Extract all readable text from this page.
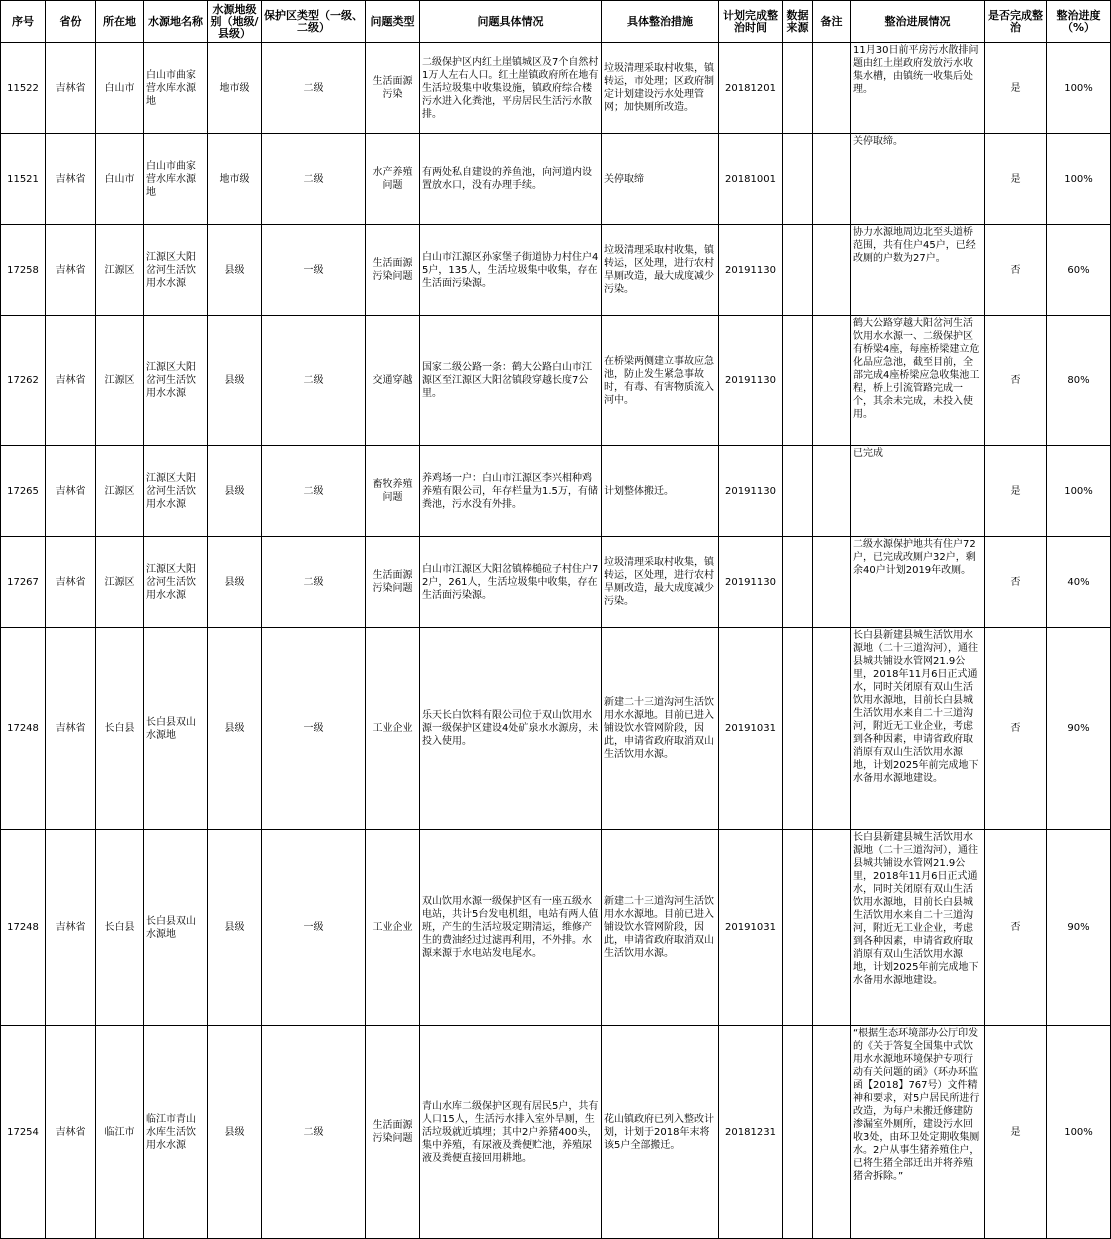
序号	省份	所在地	水源地名称	水源地级别（地级/县级）	保护区类型（一级、二级）	问题类型	问题具体情况	具体整治措施	计划完成整治时间	数据来源	备注	整治进展情况	是否完成整治	整治进度（%）
11522	吉林省	白山市	白山市曲家营水库水源地	地市级	二级	生活面源污染	二级保护区内红土崖镇城区及7个自然村1万人左右人口。红土崖镇政府所在地有生活垃圾集中收集设施，镇政府综合楼污水进入化粪池，平房居民生活污水散排。	垃圾清理采取村收集，镇转运，市处理；区政府制定计划建设污水处理管网；加快厕所改造。	20181201			11月30日前平房污水散排问题由红土崖政府发放污水收集水槽，由镇统一收集后处理。	是	100%
11521	吉林省	白山市	白山市曲家营水库水源地	地市级	二级	水产养殖问题	有两处私自建设的养鱼池，向河道内设置放水口，没有办理手续。	关停取缔	20181001			关停取缔。	是	100%
17258	吉林省	江源区	江源区大阳岔河生活饮用水水源	县级	一级	生活面源污染问题	白山市江源区孙家堡子街道协力村住户45户，135人，生活垃圾集中收集，存在生活面污染源。	垃圾清理采取村收集，镇转运，区处理，进行农村旱厕改造，最大成度减少污染。	20191130			协力水源地周边北至头道桥范围，共有住户45户，已经改厕的户数为27户。	否	60%
17262	吉林省	江源区	江源区大阳岔河生活饮用水水源	县级	二级	交通穿越	国家二级公路一条：鹤大公路白山市江源区至江源区大阳岔镇段穿越长度7公里。	在桥梁两侧建立事故应急池，防止发生紧急事故时，有毒、有害物质流入河中。	20191130			鹤大公路穿越大阳岔河生活饮用水水源一、二级保护区有桥梁4座，每座桥梁建立危化品应急池，截至目前，全部完成4座桥梁应急收集池工程，桥上引流管路完成一个，其余未完成，未投入使用。	否	80%
17265	吉林省	江源区	江源区大阳岔河生活饮用水水源	县级	二级	畜牧养殖问题	养鸡场一户：白山市江源区李兴相种鸡养殖有限公司，年存栏量为1.5万，有储粪池，污水没有外排。	计划整体搬迁。	20191130			已完成	是	100%
17267	吉林省	江源区	江源区大阳岔河生活饮用水水源	县级	二级	生活面源污染问题	白山市江源区大阳岔镇棒槌砬子村住户72户，261人，生活垃圾集中收集，存在生活面污染源。	垃圾清理采取村收集，镇转运，区处理，进行农村旱厕改造，最大成度减少污染。	20191130			二级水源保护地共有住户72户，已完成改厕户32户，剩余40户计划2019年改厕。	否	40%
17248	吉林省	长白县	长白县双山水源地	县级	一级	工业企业	乐天长白饮料有限公司位于双山饮用水源一级保护区建设4处矿泉水水源房，未投入使用。	新建二十三道沟河生活饮用水水源地。目前已进入铺设饮水管网阶段，因此，申请省政府取消双山生活饮用水源。	20191031			长白县新建县城生活饮用水源地（二十三道沟河），通往县城共铺设水管网21.9公里，2018年11月6日正式通水，同时关闭原有双山生活饮用水源地，目前长白县城生活饮用水来自二十三道沟河，附近无工业企业，考虑到各种因素，申请省政府取消原有双山生活饮用水源地，计划2025年前完成地下水备用水源地建设。	否	90%
17248	吉林省	长白县	长白县双山水源地	县级	一级	工业企业	双山饮用水源一级保护区有一座五级水电站，共计5台发电机组，电站有两人值班，产生的生活垃圾定期清运，维修产生的费油经过过滤再利用，不外排。水源来源于水电站发电尾水。	新建二十三道沟河生活饮用水水源地。目前已进入铺设饮水管网阶段，因此，申请省政府取消双山生活饮用水源。	20191031			长白县新建县城生活饮用水源地（二十三道沟河），通往县城共铺设水管网21.9公里，2018年11月6日正式通水，同时关闭原有双山生活饮用水源地，目前长白县城生活饮用水来自二十三道沟河，附近无工业企业，考虑到各种因素，申请省政府取消原有双山生活饮用水源地，计划2025年前完成地下水备用水源地建设。	否	90%
17254	吉林省	临江市	临江市青山水库生活饮用水水源	县级	二级	生活面源污染问题	青山水库二级保护区现有居民5户，共有人口15人，生活污水排入室外旱厕，生活垃圾就近填埋；其中2户养猪400头，集中养殖，有尿液及粪便贮池，养殖尿液及粪便直接回用耕地。	花山镇政府已列入整改计划，计划于2018年末将该5户全部搬迁。	20181231			“根据生态环境部办公厅印发的《关于答复全国集中式饮用水水源地环境保护专项行动有关问题的函》（环办环监函【2018】767号）文件精神和要求，对5户居民所进行改造，为每户未搬迁修建防渗漏室外厕所，建设污水回收3处，由环卫处定期收集厕水。2户从事生猪养殖住户，已将生猪全部迁出并将养殖猪舍拆除。”	是	100%
